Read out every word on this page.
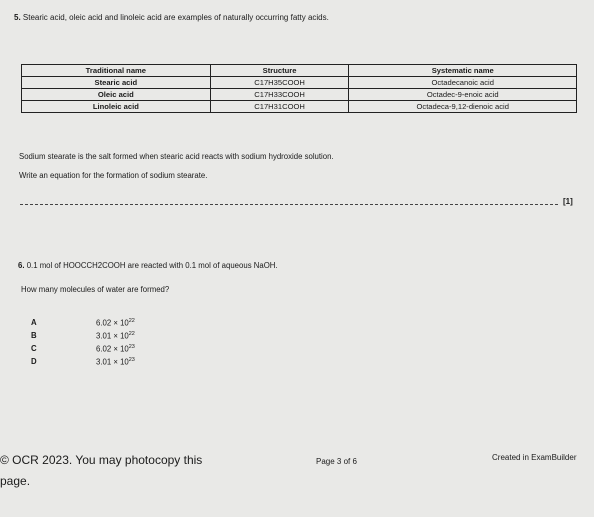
5. Stearic acid, oleic acid and linoleic acid are examples of naturally occurring fatty acids.
Traditional name	Structure	Systematic name
Stearic acid	C17H35COOH	Octadecanoic acid
Oleic acid	C17H33COOH	Octadec-9-enoic acid
Linoleic acid	C17H31COOH	Octadeca-9,12-dienoic acid
Sodium stearate is the salt formed when stearic acid reacts with sodium hydroxide solution.
Write an equation for the formation of sodium stearate.
[1]
6. 0.1 mol of HOOCCH2COOH are reacted with 0.1 mol of aqueous NaOH.
How many molecules of water are formed?
A	$6.02 \times 10^{22}$
B	$3.01 \times 10^{22}$
C	$6.02 \times 10^{23}$
D	$3.01 \times 10^{23}$
© OCR 2023. You may photocopy this	Page 3 of 6	Created in ExamBuilder
page.
